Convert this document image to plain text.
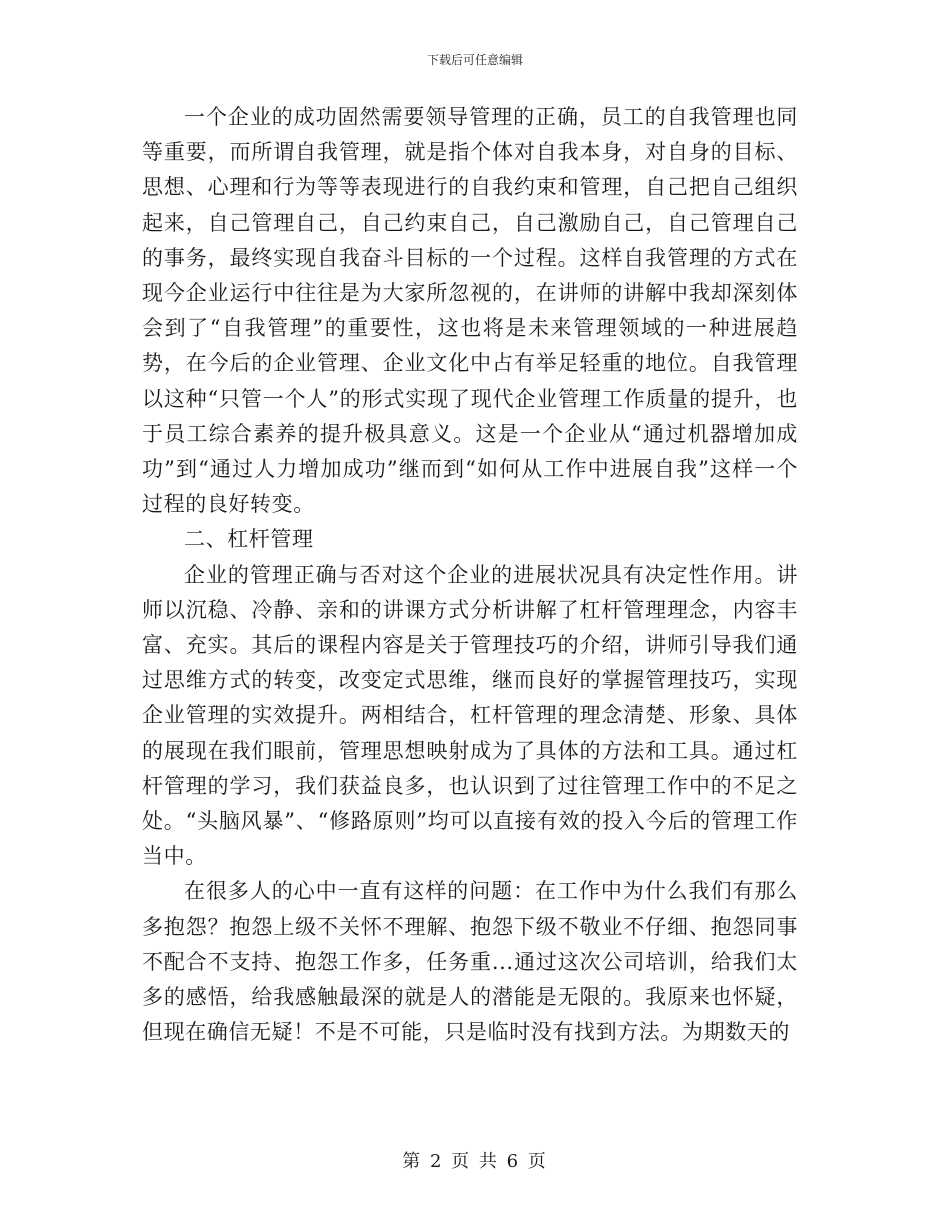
下载后可任意编辑

一个企业的成功固然需要领导管理的正确，员工的自我管理也同等重要，而所谓自我管理，就是指个体对自我本身，对自身的目标、思想、心理和行为等等表现进行的自我约束和管理，自己把自己组织起来，自己管理自己，自己约束自己，自己激励自己，自己管理自己的事务，最终实现自我奋斗目标的一个过程。这样自我管理的方式在现今企业运行中往往是为大家所忽视的，在讲师的讲解中我却深刻体会到了“自我管理”的重要性，这也将是未来管理领域的一种进展趋势，在今后的企业管理、企业文化中占有举足轻重的地位。自我管理以这种“只管一个人”的形式实现了现代企业管理工作质量的提升，也于员工综合素养的提升极具意义。这是一个企业从“通过机器增加成功”到“通过人力增加成功”继而到“如何从工作中进展自我”这样一个过程的良好转变。

二、杠杆管理

企业的管理正确与否对这个企业的进展状况具有决定性作用。讲师以沉稳、冷静、亲和的讲课方式分析讲解了杠杆管理理念，内容丰富、充实。其后的课程内容是关于管理技巧的介绍，讲师引导我们通过思维方式的转变，改变定式思维，继而良好的掌握管理技巧，实现企业管理的实效提升。两相结合，杠杆管理的理念清楚、形象、具体的展现在我们眼前，管理思想映射成为了具体的方法和工具。通过杠杆管理的学习，我们获益良多，也认识到了过往管理工作中的不足之处。“头脑风暴”、“修路原则”均可以直接有效的投入今后的管理工作当中。

在很多人的心中一直有这样的问题：在工作中为什么我们有那么多抱怨？抱怨上级不关怀不理解、抱怨下级不敬业不仔细、抱怨同事不配合不支持、抱怨工作多，任务重...通过这次公司培训，给我们太多的感悟，给我感触最深的就是人的潜能是无限的。我原来也怀疑，但现在确信无疑！不是不可能，只是临时没有找到方法。为期数天的

第 2 页 共 6 页
